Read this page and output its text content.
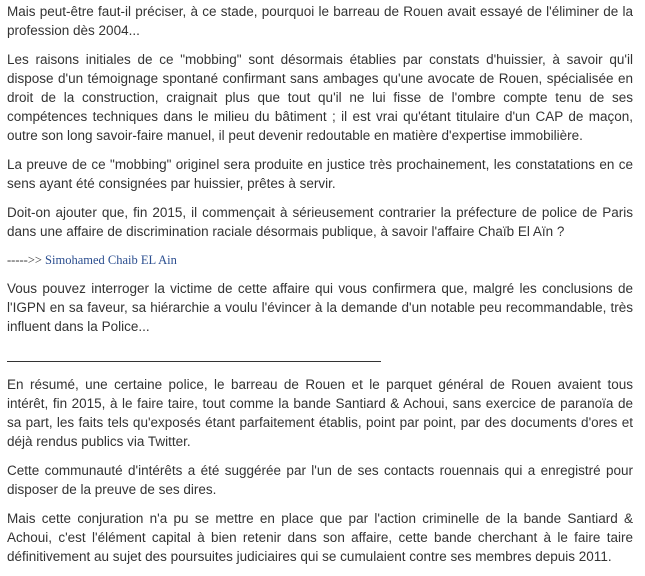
Mais peut-être faut-il préciser, à ce stade, pourquoi le barreau de Rouen avait essayé de l'éliminer de la profession dès 2004...

Les raisons initiales de ce "mobbing" sont désormais établies par constats d'huissier, à savoir qu'il dispose d'un témoignage spontané confirmant sans ambages qu'une avocate de Rouen, spécialisée en droit de la construction, craignait plus que tout qu'il ne lui fisse de l'ombre compte tenu de ses compétences techniques dans le milieu du bâtiment ; il est vrai qu'étant titulaire d'un CAP de maçon, outre son long savoir-faire manuel, il peut devenir redoutable en matière d'expertise immobilière.

La preuve de ce "mobbing" originel sera produite en justice très prochainement, les constatations en ce sens ayant été consignées par huissier, prêtes à servir.

Doit-on ajouter que, fin 2015, il commençait à sérieusement contrarier la préfecture de police de Paris dans une affaire de discrimination raciale désormais publique, à savoir l'affaire Chaïb El Aïn ?

----->> Simohamed Chaib EL Ain

Vous pouvez interroger la victime de cette affaire qui vous confirmera que, malgré les conclusions de l'IGPN en sa faveur, sa hiérarchie a voulu l'évincer à la demande d'un notable peu recommandable, très influent dans la Police...

En résumé, une certaine police, le barreau de Rouen et le parquet général de Rouen avaient tous intérêt, fin 2015, à le faire taire, tout comme la bande Santiard & Achoui, sans exercice de paranoïa de sa part, les faits tels qu'exposés étant parfaitement établis, point par point, par des documents d'ores et déjà rendus publics via Twitter.

Cette communauté d'intérêts a été suggérée par l'un de ses contacts rouennais qui a enregistré pour disposer de la preuve de ses dires.

Mais cette conjuration n'a pu se mettre en place que par l'action criminelle de la bande Santiard & Achoui, c'est l'élément capital à bien retenir dans son affaire, cette bande cherchant à le faire taire définitivement au sujet des poursuites judiciaires qui se cumulaient contre ses membres depuis 2011.
